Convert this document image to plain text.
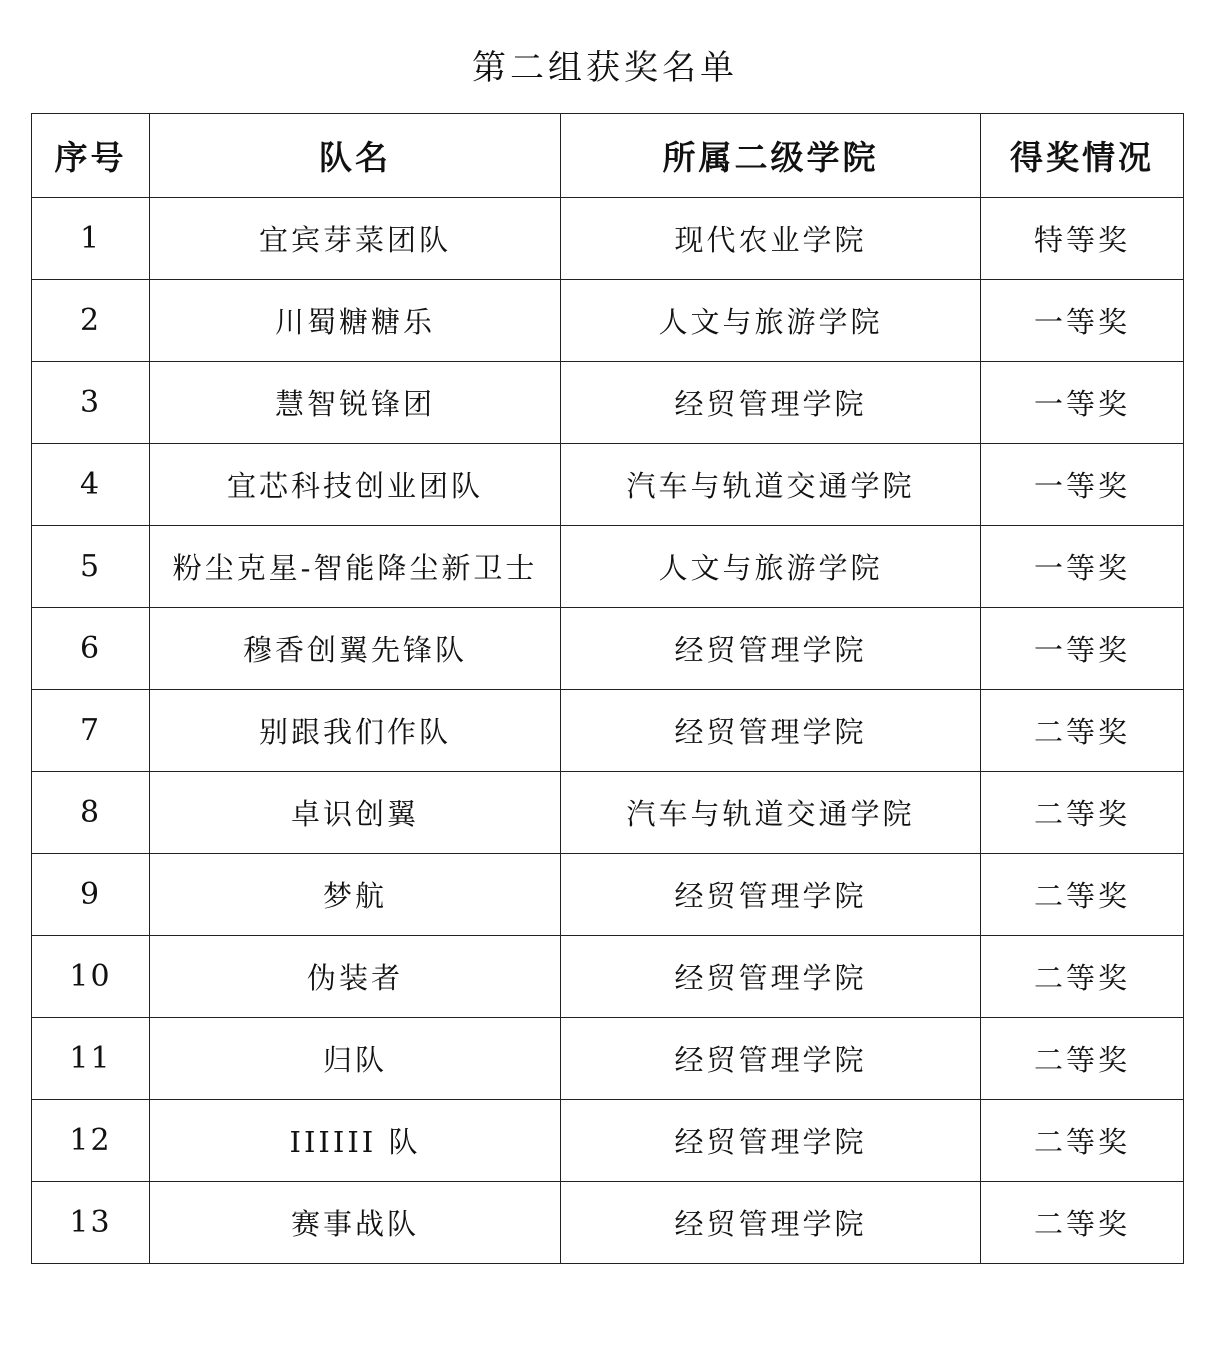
第二组获奖名单
序号	队名	所属二级学院	得奖情况
1	宜宾芽菜团队	现代农业学院	特等奖
2	川蜀糖糖乐	人文与旅游学院	一等奖
3	慧智锐锋团	经贸管理学院	一等奖
4	宜芯科技创业团队	汽车与轨道交通学院	一等奖
5	粉尘克星-智能降尘新卫士	人文与旅游学院	一等奖
6	穆香创翼先锋队	经贸管理学院	一等奖
7	别跟我们作队	经贸管理学院	二等奖
8	卓识创翼	汽车与轨道交通学院	二等奖
9	梦航	经贸管理学院	二等奖
10	伪装者	经贸管理学院	二等奖
11	归队	经贸管理学院	二等奖
12	IIIIII 队	经贸管理学院	二等奖
13	赛事战队	经贸管理学院	二等奖
